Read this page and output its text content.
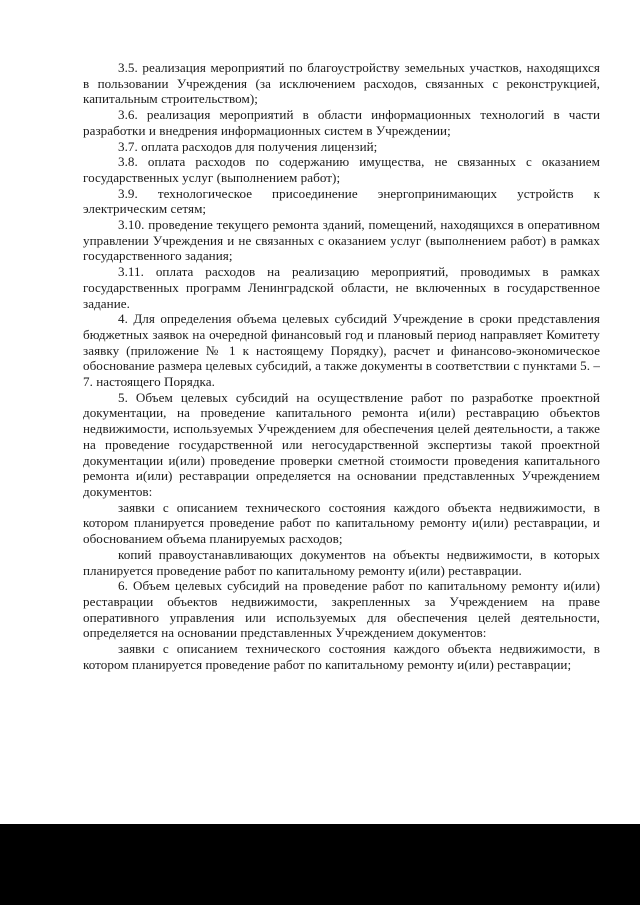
3.5. реализация мероприятий по благоустройству земельных участков, находящихся в пользовании Учреждения (за исключением расходов, связанных с реконструкцией, капитальным строительством);

3.6. реализация мероприятий в области информационных технологий в части разработки и внедрения информационных систем в Учреждении;

3.7. оплата расходов для получения лицензий;

3.8. оплата расходов по содержанию имущества, не связанных с оказанием государственных услуг (выполнением работ);

3.9. технологическое присоединение энергопринимающих устройств к электрическим сетям;

3.10. проведение текущего ремонта зданий, помещений, находящихся в оперативном управлении Учреждения и не связанных с оказанием услуг (выполнением работ) в рамках государственного задания;

3.11. оплата расходов на реализацию мероприятий, проводимых в рамках государственных программ Ленинградской области, не включенных в государственное задание.

4. Для определения объема целевых субсидий Учреждение в сроки представления бюджетных заявок на очередной финансовый год и плановый период направляет Комитету заявку (приложение № 1 к настоящему Порядку), расчет и финансово-экономическое обоснование размера целевых субсидий, а также документы в соответствии с пунктами 5. – 7. настоящего Порядка.

5. Объем целевых субсидий на осуществление работ по разработке проектной документации, на проведение капитального ремонта и(или) реставрацию объектов недвижимости, используемых Учреждением для обеспечения целей деятельности, а также на проведение государственной или негосударственной экспертизы такой проектной документации и(или) проведение проверки сметной стоимости проведения капитального ремонта и(или) реставрации определяется на основании представленных Учреждением документов:

заявки с описанием технического состояния каждого объекта недвижимости, в котором планируется проведение работ по капитальному ремонту и(или) реставрации, и обоснованием объема планируемых расходов;

копий правоустанавливающих документов на объекты недвижимости, в которых планируется проведение работ по капитальному ремонту и(или) реставрации.

6. Объем целевых субсидий на проведение работ по капитальному ремонту и(или) реставрации объектов недвижимости, закрепленных за Учреждением на праве оперативного управления или используемых для обеспечения целей деятельности, определяется на основании представленных Учреждением документов:

заявки с описанием технического состояния каждого объекта недвижимости, в котором планируется проведение работ по капитальному ремонту и(или) реставрации;
